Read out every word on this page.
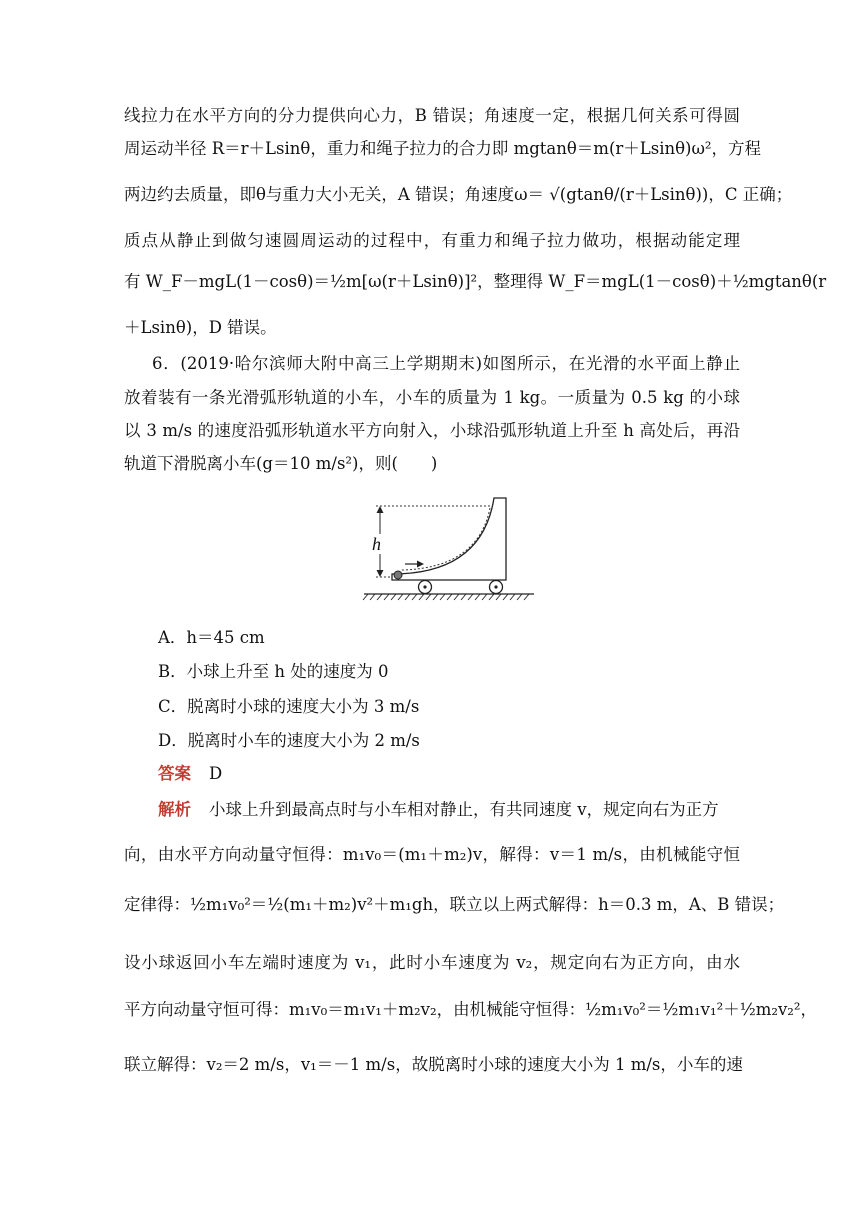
线拉力在水平方向的分力提供向心力，B 错误；角速度一定，根据几何关系可得圆
周运动半径 R＝r＋Lsinθ，重力和绳子拉力的合力即 mgtanθ＝m(r＋Lsinθ)ω²，方程
两边约去质量，即θ与重力大小无关，A 错误；角速度ω＝ √(gtanθ/(r＋Lsinθ))，C 正确；
质点从静止到做匀速圆周运动的过程中，有重力和绳子拉力做功，根据动能定理
有 W_F－mgL(1－cosθ)＝½m[ω(r＋Lsinθ)]²，整理得 W_F＝mgL(1－cosθ)＋½mgtanθ(r
＋Lsinθ)，D 错误。
6．(2019·哈尔滨师大附中高三上学期期末)如图所示，在光滑的水平面上静止
放着装有一条光滑弧形轨道的小车，小车的质量为 1 kg。一质量为 0.5 kg 的小球
以 3 m/s 的速度沿弧形轨道水平方向射入，小球沿弧形轨道上升至 h 高处后，再沿
轨道下滑脱离小车(g＝10 m/s²)，则(　　)
h
A．h＝45 cm
B．小球上升至 h 处的速度为 0
C．脱离时小球的速度大小为 3 m/s
D．脱离时小车的速度大小为 2 m/s
答案 D
解析 小球上升到最高点时与小车相对静止，有共同速度 v，规定向右为正方
向，由水平方向动量守恒得：m₁v₀＝(m₁＋m₂)v，解得：v＝1 m/s，由机械能守恒
定律得：½m₁v₀²＝½(m₁＋m₂)v²＋m₁gh，联立以上两式解得：h＝0.3 m，A、B 错误；
设小球返回小车左端时速度为 v₁，此时小车速度为 v₂，规定向右为正方向，由水
平方向动量守恒可得：m₁v₀＝m₁v₁＋m₂v₂，由机械能守恒得：½m₁v₀²＝½m₁v₁²＋½m₂v₂²，
联立解得：v₂＝2 m/s，v₁＝－1 m/s，故脱离时小球的速度大小为 1 m/s，小车的速
